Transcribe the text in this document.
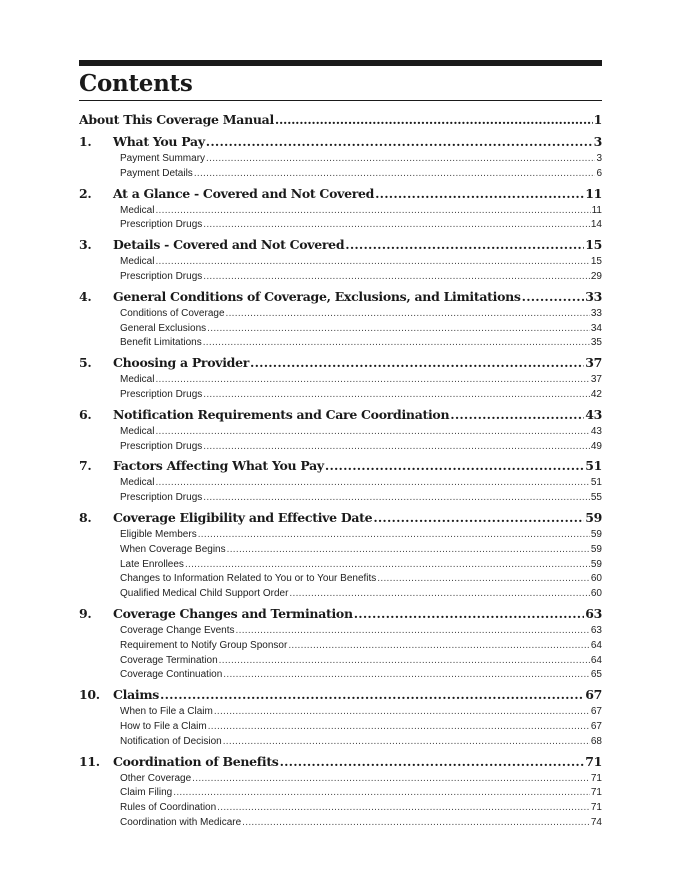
Contents
About This Coverage Manual .....	1
1.	What You Pay .....	3
Payment Summary .....	3
Payment Details .....	6
2.	At a Glance - Covered and Not Covered .....	11
Medical .....	11
Prescription Drugs .....	14
3.	Details - Covered and Not Covered .....	15
Medical .....	15
Prescription Drugs .....	29
4.	General Conditions of Coverage, Exclusions, and Limitations .....	33
Conditions of Coverage .....	33
General Exclusions .....	34
Benefit Limitations .....	35
5.	Choosing a Provider .....	37
Medical .....	37
Prescription Drugs .....	42
6.	Notification Requirements and Care Coordination .....	43
Medical .....	43
Prescription Drugs .....	49
7.	Factors Affecting What You Pay .....	51
Medical .....	51
Prescription Drugs .....	55
8.	Coverage Eligibility and Effective Date .....	59
Eligible Members .....	59
When Coverage Begins .....	59
Late Enrollees .....	59
Changes to Information Related to You or to Your Benefits .....	60
Qualified Medical Child Support Order .....	60
9.	Coverage Changes and Termination .....	63
Coverage Change Events .....	63
Requirement to Notify Group Sponsor .....	64
Coverage Termination .....	64
Coverage Continuation .....	65
10.	Claims .....	67
When to File a Claim .....	67
How to File a Claim .....	67
Notification of Decision .....	68
11.	Coordination of Benefits .....	71
Other Coverage .....	71
Claim Filing .....	71
Rules of Coordination .....	71
Coordination with Medicare .....	74
